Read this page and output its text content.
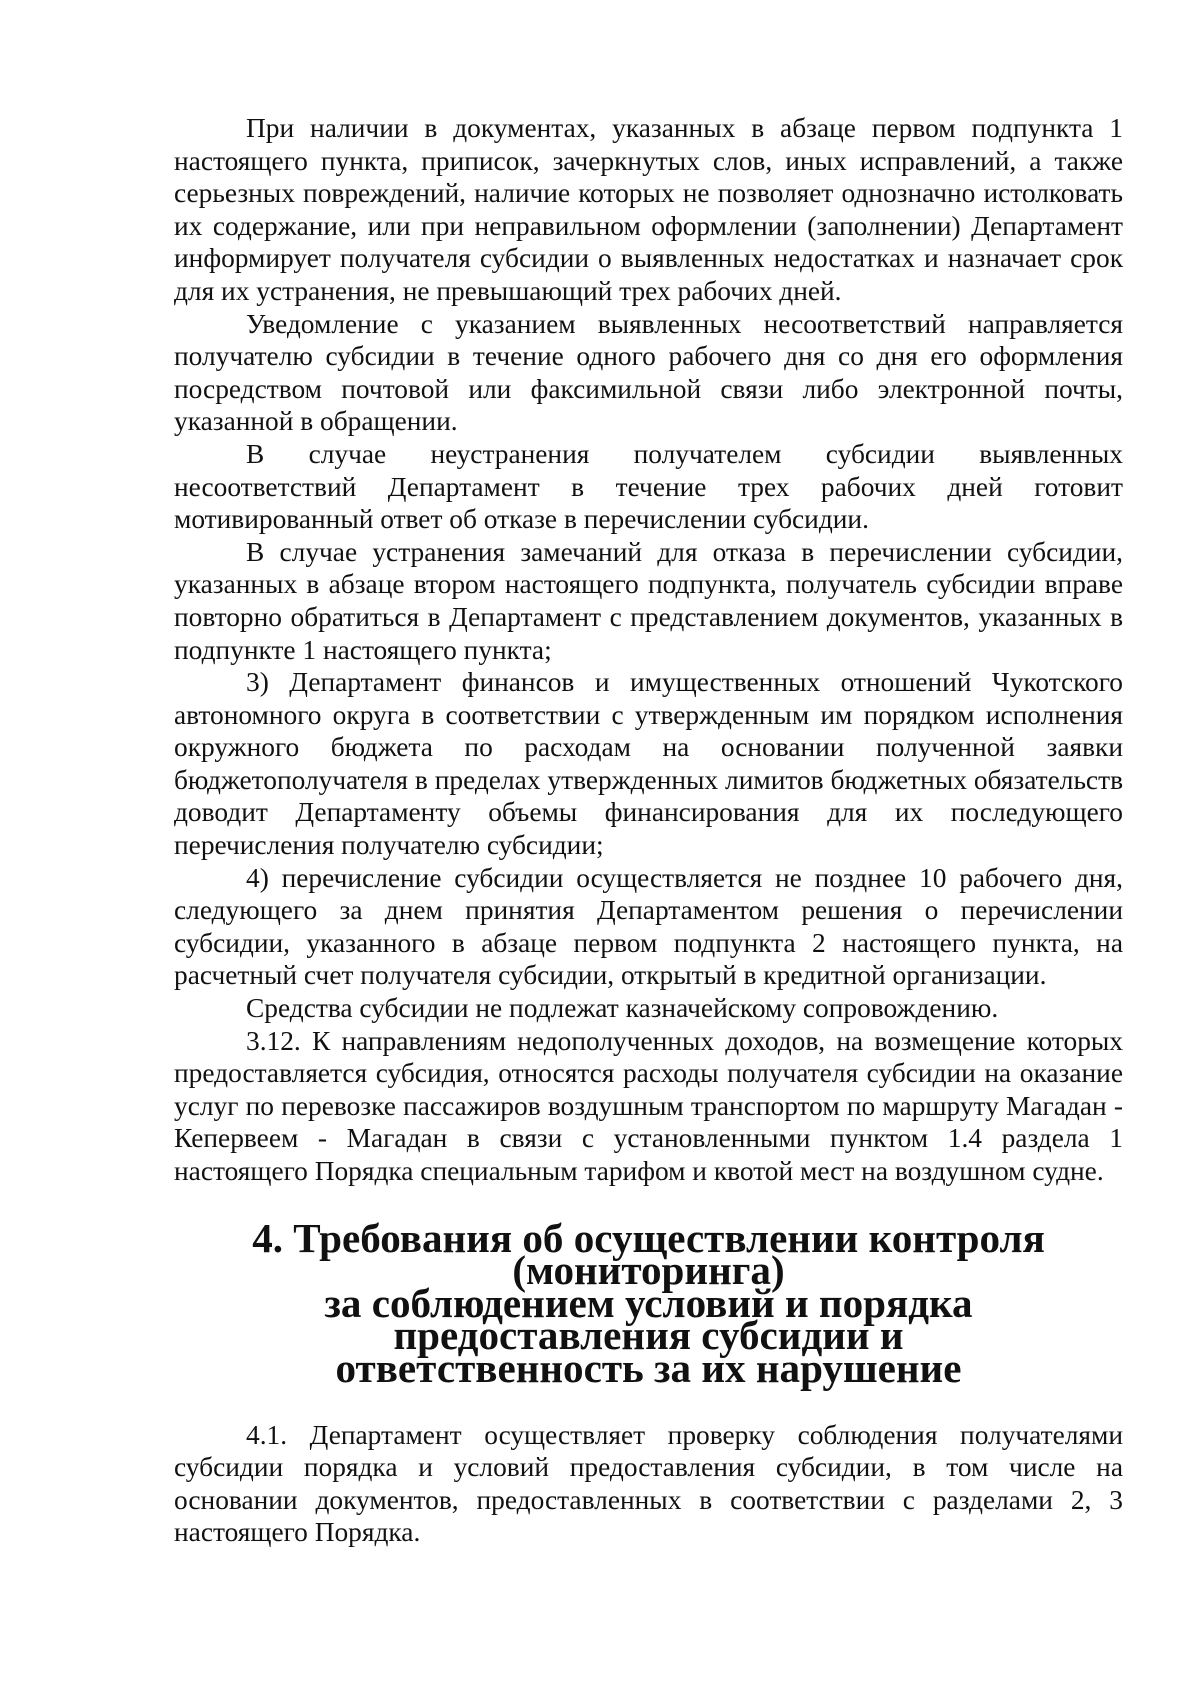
При наличии в документах, указанных в абзаце первом подпункта 1 настоящего пункта, приписок, зачеркнутых слов, иных исправлений, а также серьезных повреждений, наличие которых не позволяет однозначно истолковать их содержание, или при неправильном оформлении (заполнении) Департамент информирует получателя субсидии о выявленных недостатках и назначает срок для их устранения, не превышающий трех рабочих дней.

Уведомление с указанием выявленных несоответствий направляется получателю субсидии в течение одного рабочего дня со дня его оформления посредством почтовой или факсимильной связи либо электронной почты, указанной в обращении.

В случае неустранения получателем субсидии выявленных несоответствий Департамент в течение трех рабочих дней готовит мотивированный ответ об отказе в перечислении субсидии.

В случае устранения замечаний для отказа в перечислении субсидии, указанных в абзаце втором настоящего подпункта, получатель субсидии вправе повторно обратиться в Департамент с представлением документов, указанных в подпункте 1 настоящего пункта;

3) Департамент финансов и имущественных отношений Чукотского автономного округа в соответствии с утвержденным им порядком исполнения окружного бюджета по расходам на основании полученной заявки бюджетополучателя в пределах утвержденных лимитов бюджетных обязательств доводит Департаменту объемы финансирования для их последующего перечисления получателю субсидии;

4) перечисление субсидии осуществляется не позднее 10 рабочего дня, следующего за днем принятия Департаментом решения о перечислении субсидии, указанного в абзаце первом подпункта 2 настоящего пункта, на расчетный счет получателя субсидии, открытый в кредитной организации.

Средства субсидии не подлежат казначейскому сопровождению.

3.12. К направлениям недополученных доходов, на возмещение которых предоставляется субсидия, относятся расходы получателя субсидии на оказание услуг по перевозке пассажиров воздушным транспортом по маршруту Магадан - Кепервеем - Магадан в связи с установленными пунктом 1.4 раздела 1 настоящего Порядка специальным тарифом и квотой мест на воздушном судне.

4. Требования об осуществлении контроля (мониторинга)
за соблюдением условий и порядка предоставления субсидии и
ответственность за их нарушение

4.1. Департамент осуществляет проверку соблюдения получателями субсидии порядка и условий предоставления субсидии, в том числе на основании документов, предоставленных в соответствии с разделами 2, 3 настоящего Порядка.
